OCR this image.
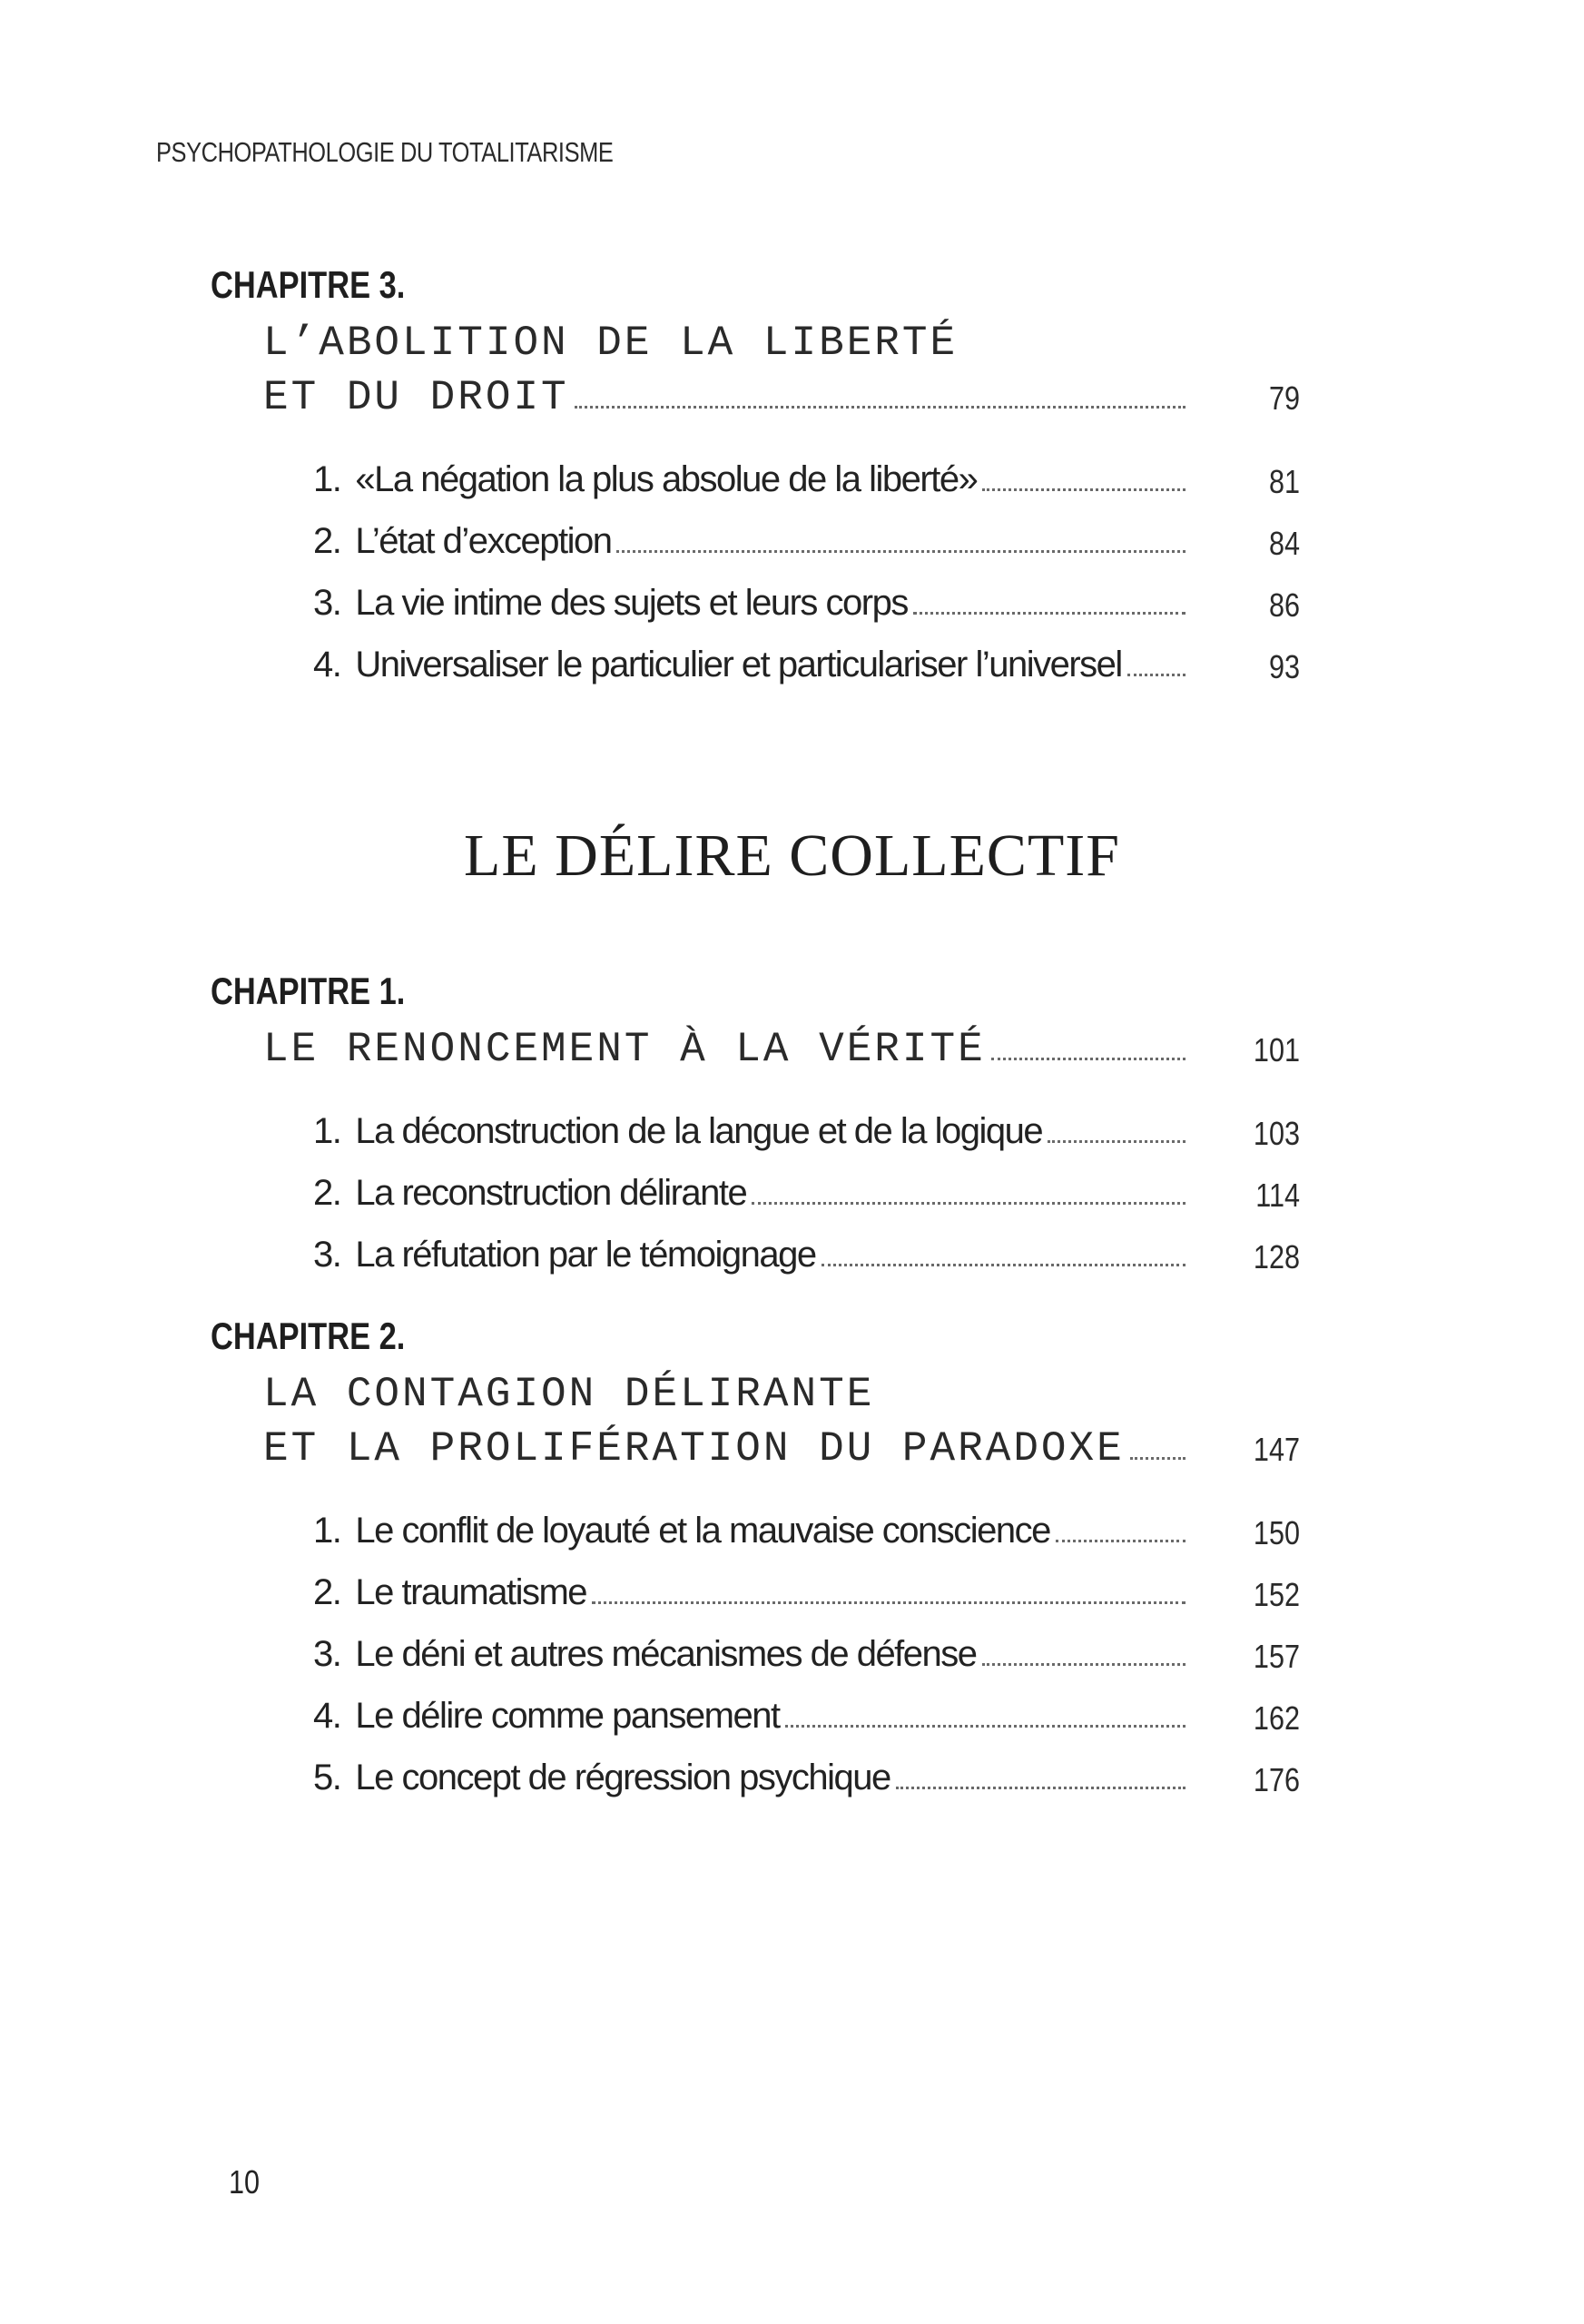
PSYCHOPATHOLOGIE DU TOTALITARISME
CHAPITRE 3.
L’ABOLITION DE LA LIBERTÉ
ET DU DROIT	79
1. «La négation la plus absolue de la liberté»	81
2. L’état d’exception	84
3. La vie intime des sujets et leurs corps	86
4. Universaliser le particulier et particulariser l’universel	93
LE DÉLIRE COLLECTIF
CHAPITRE 1.
LE RENONCEMENT À LA VÉRITÉ	101
1. La déconstruction de la langue et de la logique	103
2. La reconstruction délirante	114
3. La réfutation par le témoignage	128
CHAPITRE 2.
LA CONTAGION DÉLIRANTE
ET LA PROLIFÉRATION DU PARADOXE	147
1. Le conflit de loyauté et la mauvaise conscience	150
2. Le traumatisme	152
3. Le déni et autres mécanismes de défense	157
4. Le délire comme pansement	162
5. Le concept de régression psychique	176
10
